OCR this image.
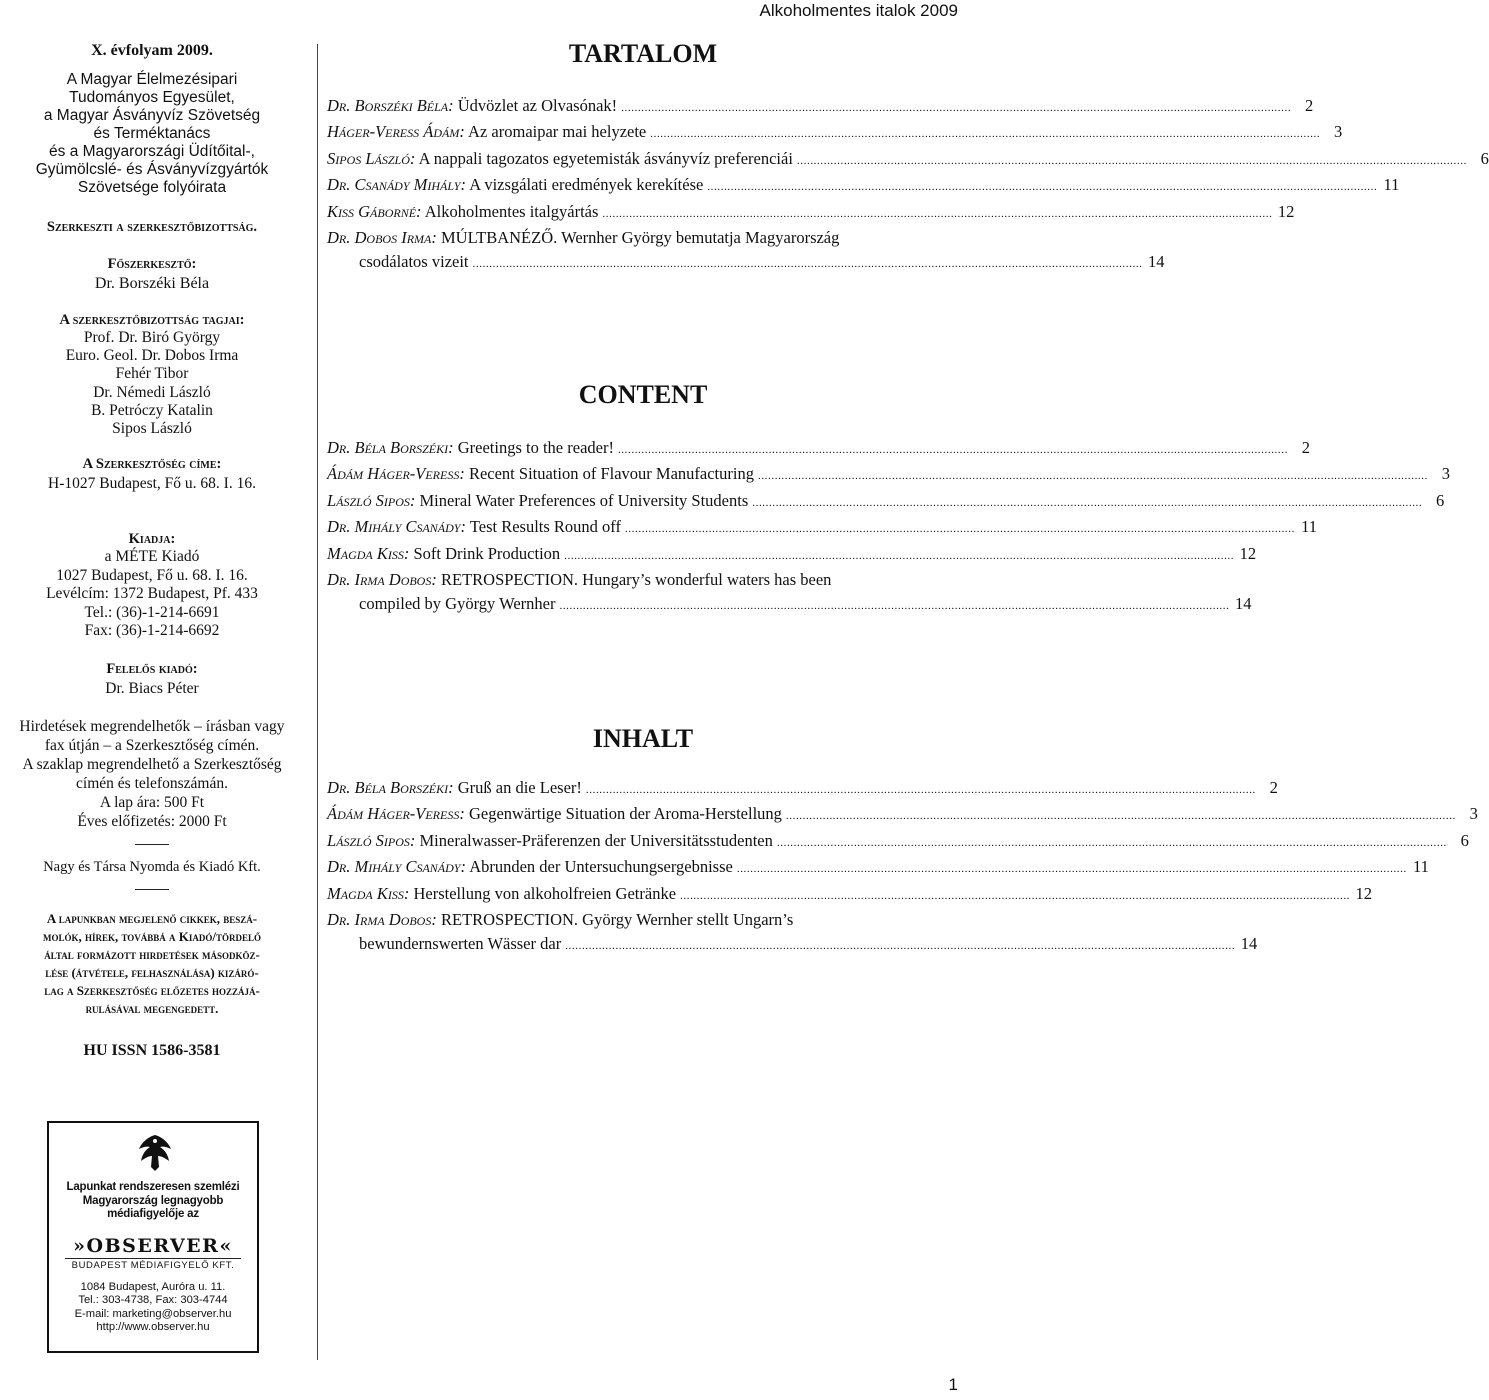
Alkoholmentes italok 2009
X. évfolyam 2009.
A Magyar Élelmezésipari
Tudományos Egyesület,
a Magyar Ásványvíz Szövetség
és Terméktanács
és a Magyarországi Üdítőital-,
Gyümölcslé- és Ásványvízgyártók
Szövetsége folyóirata
Szerkeszti a szerkesztőbizottság.
Főszerkesztő:
Dr. Borszéki Béla
A szerkesztőbizottság tagjai:
Prof. Dr. Biró György
Euro. Geol. Dr. Dobos Irma
Fehér Tibor
Dr. Némedi László
B. Petróczy Katalin
Sipos László
A Szerkesztőség címe:
H-1027 Budapest, Fő u. 68. I. 16.
Kiadja:
a MÉTE Kiadó
1027 Budapest, Fő u. 68. I. 16.
Levélcím: 1372 Budapest, Pf. 433
Tel.: (36)-1-214-6691
Fax: (36)-1-214-6692
Felelős kiadó:
Dr. Biacs Péter
Hirdetések megrendelhetők – írásban vagy
fax útján – a Szerkesztőség címén.
A szaklap megrendelhető a Szerkesztőség
címén és telefonszámán.
A lap ára: 500 Ft
Éves előfizetés: 2000 Ft
Nagy és Társa Nyomda és Kiadó Kft.
A lapunkban megjelenő cikkek, beszá-
molók, hírek, továbbá a Kiadó/tördelő
által formázott hirdetések másodköz-
lése (átvétele, felhasználása) kizáró-
lag a Szerkesztőség előzetes hozzájá-
rulásával megengedett.
HU ISSN 1586-3581
Lapunkat rendszeresen szemlézi
Magyarország legnagyobb
médiafigyelője az
»OBSERVER«
BUDAPEST MÉDIAFIGYELŐ KFT.
1084 Budapest, Auróra u. 11.
Tel.: 303-4738, Fax: 303-4744
E-mail: marketing@observer.hu
http://www.observer.hu
TARTALOM
Dr. Borszéki Béla: Üdvözlet az Olvasónak! ........................................................................................................................................................................................................ 2
Háger-Veress Ádám: Az aromaipar mai helyzete ........................................................................................................................................................................................................ 3
Sipos László: A nappali tagozatos egyetemisták ásványvíz preferenciái ........................................................................................................................................................................................................ 6
Dr. Csanády Mihály: A vizsgálati eredmények kerekítése ........................................................................................................................................................................................................ 11
Kiss Gáborné: Alkoholmentes italgyártás ........................................................................................................................................................................................................ 12
Dr. Dobos Irma: MÚLTBANÉZŐ. Wernher György bemutatja Magyarország
csodálatos vizeit ........................................................................................................................................................................................................ 14
CONTENT
Dr. Béla Borszéki: Greetings to the reader! ........................................................................................................................................................................................................ 2
Ádám Háger-Veress: Recent Situation of Flavour Manufacturing ........................................................................................................................................................................................................ 3
László Sipos: Mineral Water Preferences of University Students ........................................................................................................................................................................................................ 6
Dr. Mihály Csanády: Test Results Round off ........................................................................................................................................................................................................ 11
Magda Kiss: Soft Drink Production ........................................................................................................................................................................................................ 12
Dr. Irma Dobos: RETROSPECTION. Hungary’s wonderful waters has been
compiled by György Wernher ........................................................................................................................................................................................................ 14
INHALT
Dr. Béla Borszéki: Gruß an die Leser! ........................................................................................................................................................................................................ 2
Ádám Háger-Veress: Gegenwärtige Situation der Aroma-Herstellung ........................................................................................................................................................................................................ 3
László Sipos: Mineralwasser-Präferenzen der Universitätsstudenten ........................................................................................................................................................................................................ 6
Dr. Mihály Csanády: Abrunden der Untersuchungsergebnisse ........................................................................................................................................................................................................ 11
Magda Kiss: Herstellung von alkoholfreien Getränke ........................................................................................................................................................................................................ 12
Dr. Irma Dobos: RETROSPECTION. György Wernher stellt Ungarn’s
bewundernswerten Wässer dar ........................................................................................................................................................................................................ 14
1
